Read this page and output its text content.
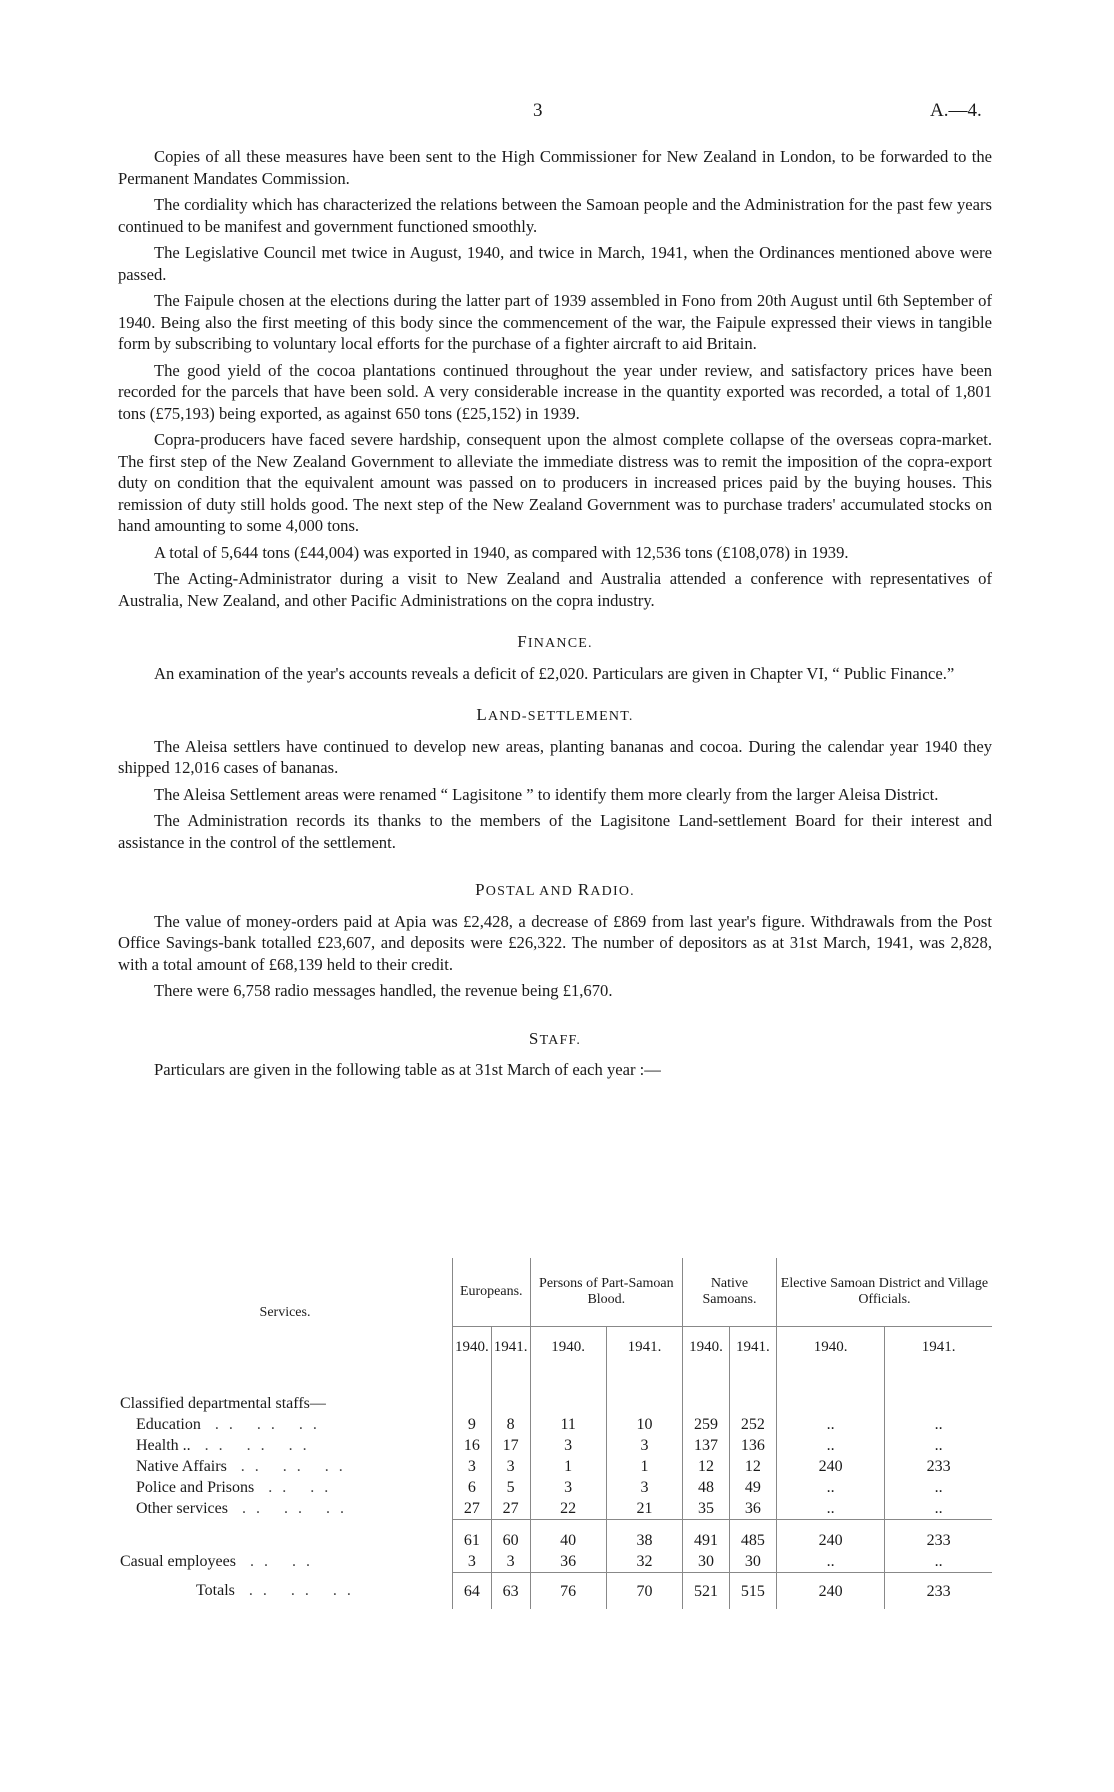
3	A.—4.

Copies of all these measures have been sent to the High Commissioner for New Zealand in London, to be forwarded to the Permanent Mandates Commission.

The cordiality which has characterized the relations between the Samoan people and the Administration for the past few years continued to be manifest and government functioned smoothly.

The Legislative Council met twice in August, 1940, and twice in March, 1941, when the Ordinances mentioned above were passed.

The Faipule chosen at the elections during the latter part of 1939 assembled in Fono from 20th August until 6th September of 1940. Being also the first meeting of this body since the commencement of the war, the Faipule expressed their views in tangible form by subscribing to voluntary local efforts for the purchase of a fighter aircraft to aid Britain.

The good yield of the cocoa plantations continued throughout the year under review, and satisfactory prices have been recorded for the parcels that have been sold. A very considerable increase in the quantity exported was recorded, a total of 1,801 tons (£75,193) being exported, as against 650 tons (£25,152) in 1939.

Copra-producers have faced severe hardship, consequent upon the almost complete collapse of the overseas copra-market. The first step of the New Zealand Government to alleviate the immediate distress was to remit the imposition of the copra-export duty on condition that the equivalent amount was passed on to producers in increased prices paid by the buying houses. This remission of duty still holds good. The next step of the New Zealand Government was to purchase traders' accumulated stocks on hand amounting to some 4,000 tons.

A total of 5,644 tons (£44,004) was exported in 1940, as compared with 12,536 tons (£108,078) in 1939.

The Acting-Administrator during a visit to New Zealand and Australia attended a conference with representatives of Australia, New Zealand, and other Pacific Administrations on the copra industry.

FINANCE.

An examination of the year's accounts reveals a deficit of £2,020. Particulars are given in Chapter VI, “ Public Finance.”

LAND-SETTLEMENT.

The Aleisa settlers have continued to develop new areas, planting bananas and cocoa. During the calendar year 1940 they shipped 12,016 cases of bananas.

The Aleisa Settlement areas were renamed “ Lagisitone ” to identify them more clearly from the larger Aleisa District.

The Administration records its thanks to the members of the Lagisitone Land-settlement Board for their interest and assistance in the control of the settlement.

POSTAL AND RADIO.

The value of money-orders paid at Apia was £2,428, a decrease of £869 from last year's figure. Withdrawals from the Post Office Savings-bank totalled £23,607, and deposits were £26,322. The number of depositors as at 31st March, 1941, was 2,828, with a total amount of £68,139 held to their credit.

There were 6,758 radio messages handled, the revenue being £1,670.

STAFF.

Particulars are given in the following table as at 31st March of each year :—

Services.	Europeans.		Persons of Part-Samoan Blood.		Native Samoans.		Elective Samoan District and Village Officials.	
	1940.	1941.	1940.	1941.	1940.	1941.	1940.	1941.

Classified departmental staffs—								
Education .. .. ..	9	8	11	10	259	252	..	..
Health .. .. .. ..	16	17	3	3	137	136	..	..
Native Affairs .. .. ..	3	3	1	1	12	12	240	233
Police and Prisons .. ..	6	5	3	3	48	49	..	..
Other services .. .. ..	27	27	22	21	35	36	..	..
	61	60	40	38	491	485	240	233
Casual employees .. ..	3	3	36	32	30	30	..	..
Totals .. .. ..	64	63	76	70	521	515	240	233
